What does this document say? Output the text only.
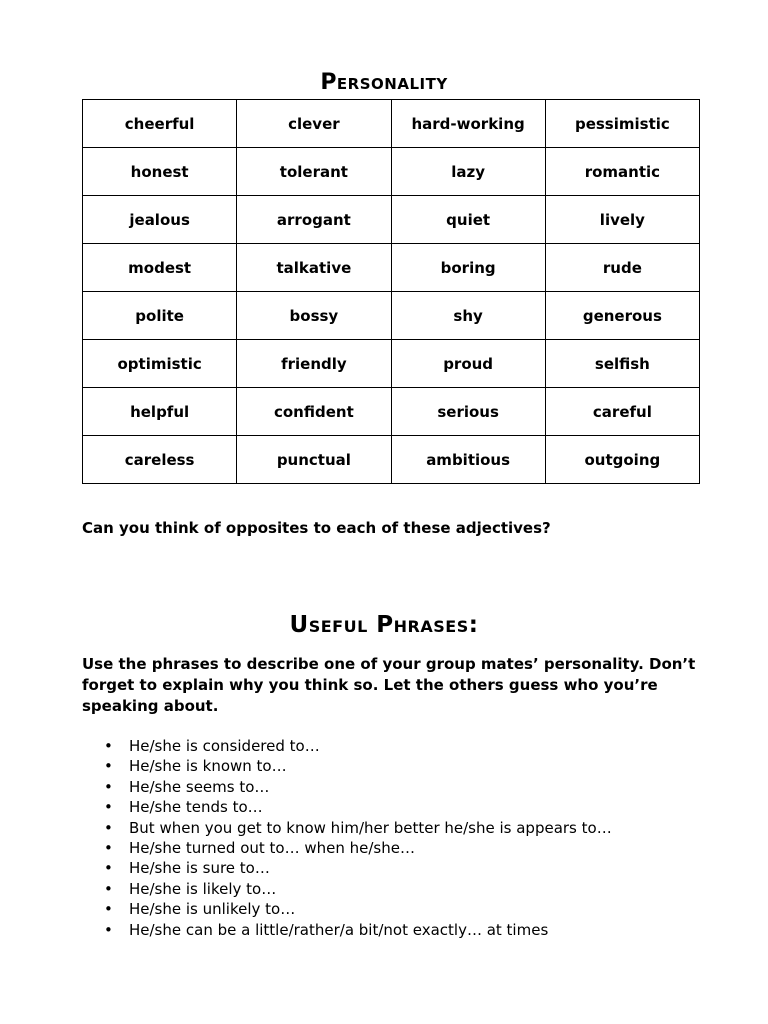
Personality
cheerful	clever	hard-working	pessimistic
honest	tolerant	lazy	romantic
jealous	arrogant	quiet	lively
modest	talkative	boring	rude
polite	bossy	shy	generous
optimistic	friendly	proud	selfish
helpful	confident	serious	careful
careless	punctual	ambitious	outgoing

Can you think of opposites to each of these adjectives?

Useful Phrases:

Use the phrases to describe one of your group mates’ personality. Don’t forget to explain why you think so. Let the others guess who you’re speaking about.

• He/she is considered to…
• He/she is known to…
• He/she seems to…
• He/she tends to…
• But when you get to know him/her better he/she is appears to…
• He/she turned out to… when he/she…
• He/she is sure to…
• He/she is likely to…
• He/she is unlikely to…
• He/she can be a little/rather/a bit/not exactly… at times
